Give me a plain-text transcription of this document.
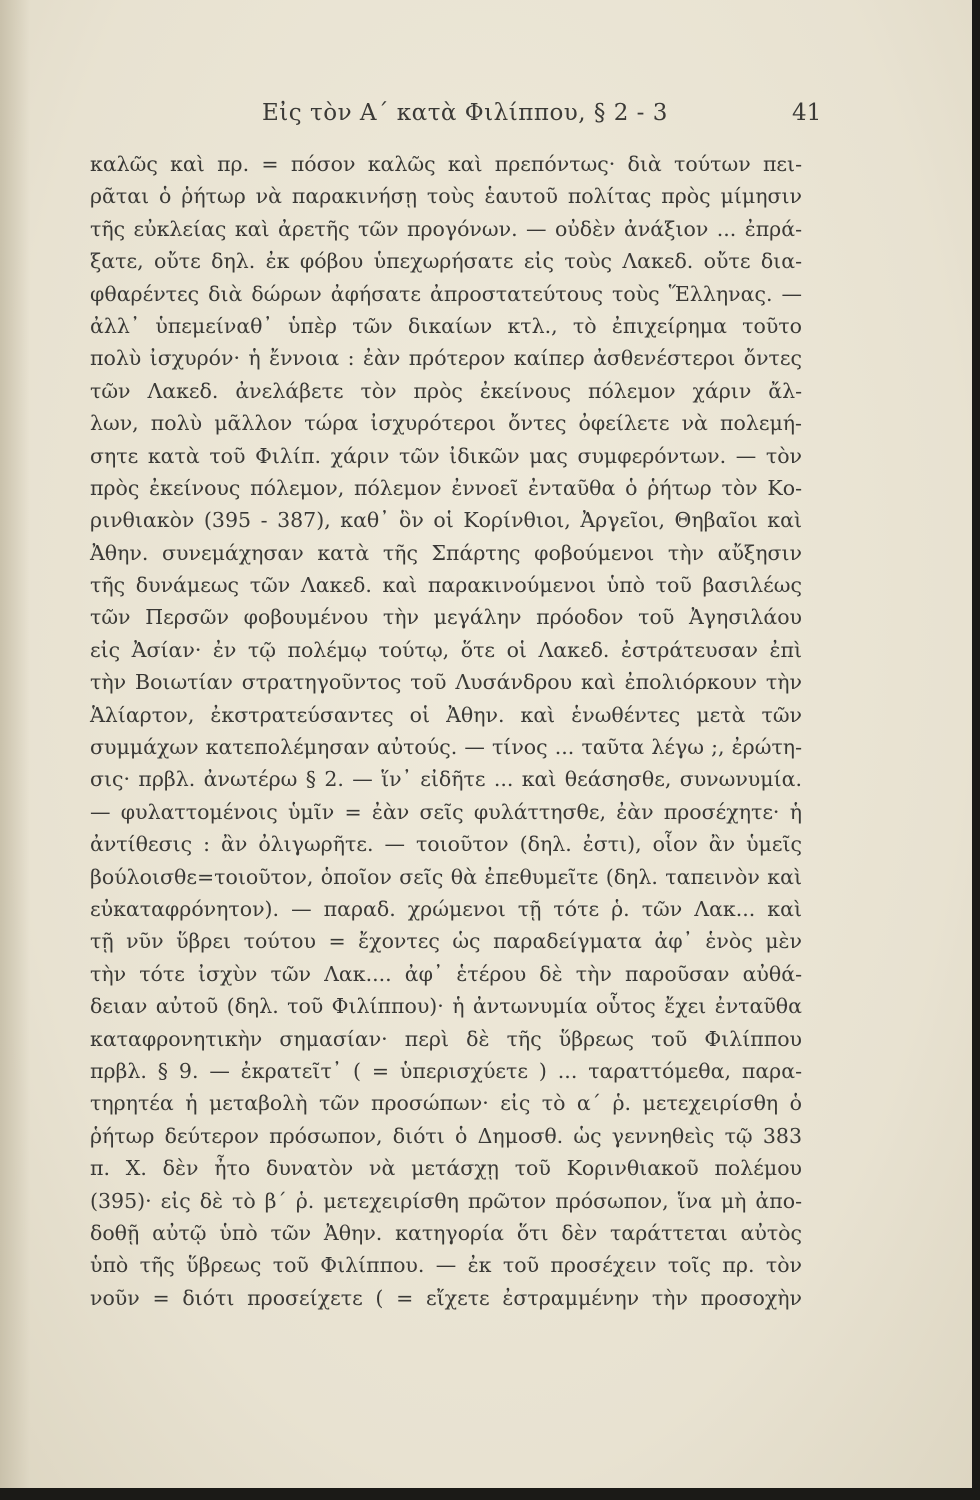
Εἰς τὸν Α΄ κατὰ Φιλίππου, § 2 - 3	41
καλῶς καὶ πρ. = πόσον καλῶς καὶ πρεπόντως· διὰ τούτων πει-
ρᾶται ὁ ῥήτωρ νὰ παρακινήσῃ τοὺς ἑαυτοῦ πολίτας πρὸς μίμησιν
τῆς εὐκλείας καὶ ἀρετῆς τῶν προγόνων. — οὐδὲν ἀνάξιον ... ἐπρά-
ξατε, οὔτε δηλ. ἐκ φόβου ὑπεχωρήσατε εἰς τοὺς Λακεδ. οὔτε δια-
φθαρέντες διὰ δώρων ἀφήσατε ἀπροστατεύτους τοὺς Ἕλληνας. —
ἀλλ᾽ ὑπεμείναθ᾽ ὑπὲρ τῶν δικαίων κτλ., τὸ ἐπιχείρημα τοῦτο
πολὺ ἰσχυρόν· ἡ ἔννοια : ἐὰν πρότερον καίπερ ἀσθενέστεροι ὄντες
τῶν Λακεδ. ἀνελάβετε τὸν πρὸς ἐκείνους πόλεμον χάριν ἄλ-
λων, πολὺ μᾶλλον τώρα ἰσχυρότεροι ὄντες ὀφείλετε νὰ πολεμή-
σητε κατὰ τοῦ Φιλίπ. χάριν τῶν ἰδικῶν μας συμφερόντων. — τὸν
πρὸς ἐκείνους πόλεμον, πόλεμον ἐννοεῖ ἐνταῦθα ὁ ῥήτωρ τὸν Κο-
ρινθιακὸν (395 - 387), καθ᾽ ὃν οἱ Κορίνθιοι, Ἀργεῖοι, Θηβαῖοι καὶ
Ἀθην. συνεμάχησαν κατὰ τῆς Σπάρτης φοβούμενοι τὴν αὔξησιν
τῆς δυνάμεως τῶν Λακεδ. καὶ παρακινούμενοι ὑπὸ τοῦ βασιλέως
τῶν Περσῶν φοβουμένου τὴν μεγάλην πρόοδον τοῦ Ἀγησιλάου
εἰς Ἀσίαν· ἐν τῷ πολέμῳ τούτῳ, ὅτε οἱ Λακεδ. ἐστράτευσαν ἐπὶ
τὴν Βοιωτίαν στρατηγοῦντος τοῦ Λυσάνδρου καὶ ἐπολιόρκουν τὴν
Ἁλίαρτον, ἐκστρατεύσαντες οἱ Ἀθην. καὶ ἑνωθέντες μετὰ τῶν
συμμάχων κατεπολέμησαν αὐτούς. — τίνος ... ταῦτα λέγω ;, ἐρώτη-
σις· πρβλ. ἀνωτέρω § 2. — ἵν᾽ εἰδῆτε ... καὶ θεάσησθε, συνωνυμία.
— φυλαττομένοις ὑμῖν = ἐὰν σεῖς φυλάττησθε, ἐὰν προσέχητε· ἡ
ἀντίθεσις : ἂν ὀλιγωρῆτε. — τοιοῦτον (δηλ. ἐστι), οἷον ἂν ὑμεῖς
βούλοισθε=τοιοῦτον, ὁποῖον σεῖς θὰ ἐπεθυμεῖτε (δηλ. ταπεινὸν καὶ
εὐκαταφρόνητον). — παραδ. χρώμενοι τῇ τότε ῥ. τῶν Λακ... καὶ
τῇ νῦν ὕβρει τούτου = ἔχοντες ὡς παραδείγματα ἀφ᾽ ἑνὸς μὲν
τὴν τότε ἰσχὺν τῶν Λακ.... ἀφ᾽ ἑτέρου δὲ τὴν παροῦσαν αὐθά-
δειαν αὐτοῦ (δηλ. τοῦ Φιλίππου)· ἡ ἀντωνυμία οὗτος ἔχει ἐνταῦθα
καταφρονητικὴν σημασίαν· περὶ δὲ τῆς ὕβρεως τοῦ Φιλίππου
πρβλ. § 9. — ἐκρατεῖτ᾽ ( = ὑπερισχύετε ) ... ταραττόμεθα, παρα-
τηρητέα ἡ μεταβολὴ τῶν προσώπων· εἰς τὸ α΄ ῥ. μετεχειρίσθη ὁ
ῥήτωρ δεύτερον πρόσωπον, διότι ὁ Δημοσθ. ὡς γεννηθεὶς τῷ 383
π. Χ. δὲν ἦτο δυνατὸν νὰ μετάσχῃ τοῦ Κορινθιακοῦ πολέμου
(395)· εἰς δὲ τὸ β΄ ῥ. μετεχειρίσθη πρῶτον πρόσωπον, ἵνα μὴ ἀπο-
δοθῇ αὐτῷ ὑπὸ τῶν Ἀθην. κατηγορία ὅτι δὲν ταράττεται αὐτὸς
ὑπὸ τῆς ὕβρεως τοῦ Φιλίππου. — ἐκ τοῦ προσέχειν τοῖς πρ. τὸν
νοῦν = διότι προσείχετε ( = εἴχετε ἐστραμμένην τὴν προσοχὴν
